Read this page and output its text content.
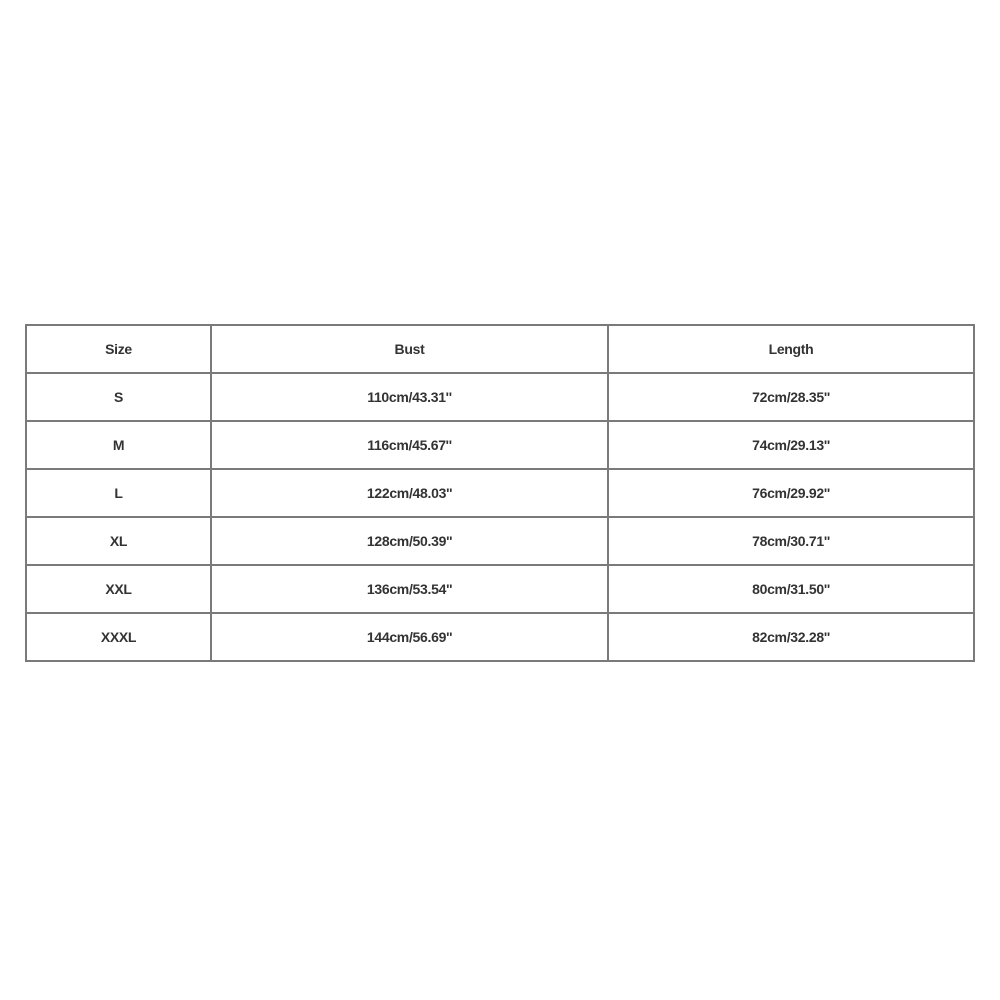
Size	Bust	Length
S	110cm/43.31''	72cm/28.35''
M	116cm/45.67''	74cm/29.13''
L	122cm/48.03''	76cm/29.92''
XL	128cm/50.39''	78cm/30.71''
XXL	136cm/53.54''	80cm/31.50''
XXXL	144cm/56.69''	82cm/32.28''
